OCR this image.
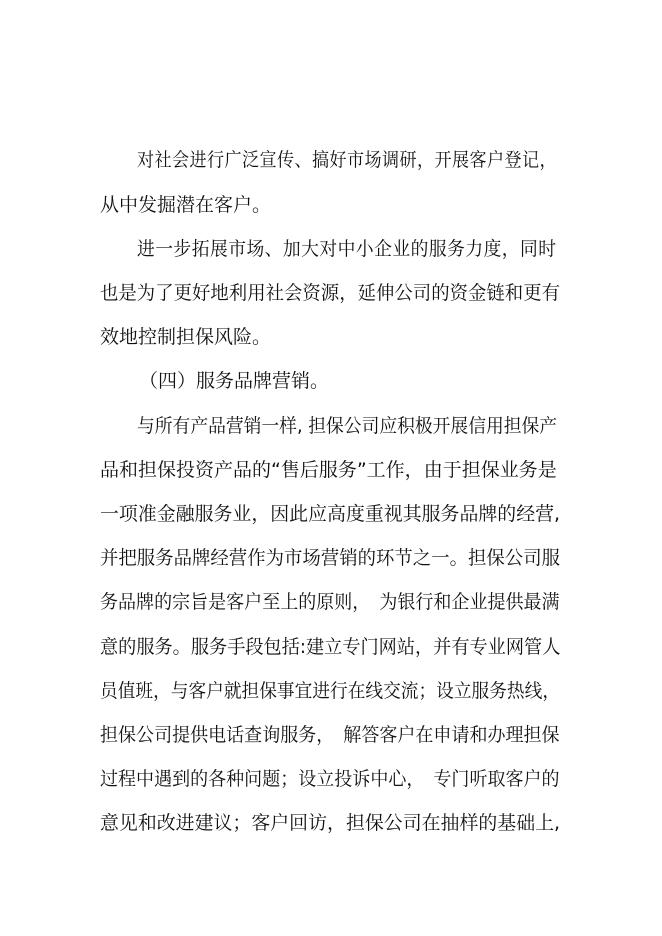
对社会进行广泛宣传、搞好市场调研，开展客户登记，
从中发掘潜在客户。
进一步拓展市场、加大对中小企业的服务力度，同时
也是为了更好地利用社会资源，延伸公司的资金链和更有
效地控制担保风险。
（四）服务品牌营销。
与所有产品营销一样, 担保公司应积极开展信用担保产
品和担保投资产品的“售后服务”工作，由于担保业务是
一项准金融服务业，因此应高度重视其服务品牌的经营,
并把服务品牌经营作为市场营销的环节之一。担保公司服
务品牌的宗旨是客户至上的原则，　为银行和企业提供最满
意的服务。服务手段包括:建立专门网站，并有专业网管人
员值班，与客户就担保事宜进行在线交流；设立服务热线，
担保公司提供电话查询服务，　解答客户在申请和办理担保
过程中遇到的各种问题；设立投诉中心，　专门听取客户的
意见和改进建议；客户回访，担保公司在抽样的基础上,
